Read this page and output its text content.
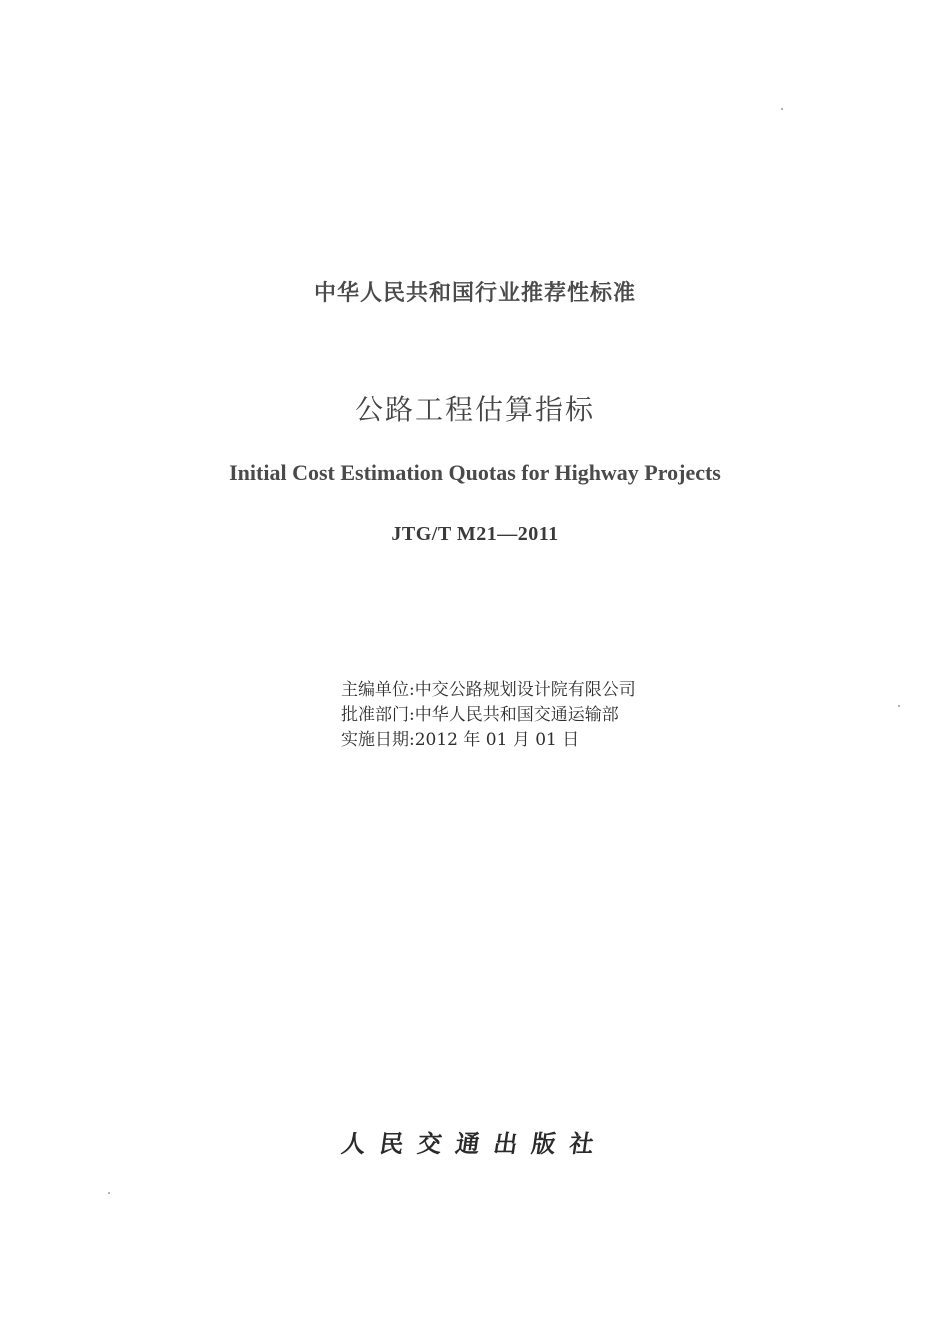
中华人民共和国行业推荐性标准
公路工程估算指标
Initial Cost Estimation Quotas for Highway Projects
JTG/T M21—2011
主编单位:中交公路规划设计院有限公司
批准部门:中华人民共和国交通运输部
实施日期:2012 年 01 月 01 日
人民交通出版社
